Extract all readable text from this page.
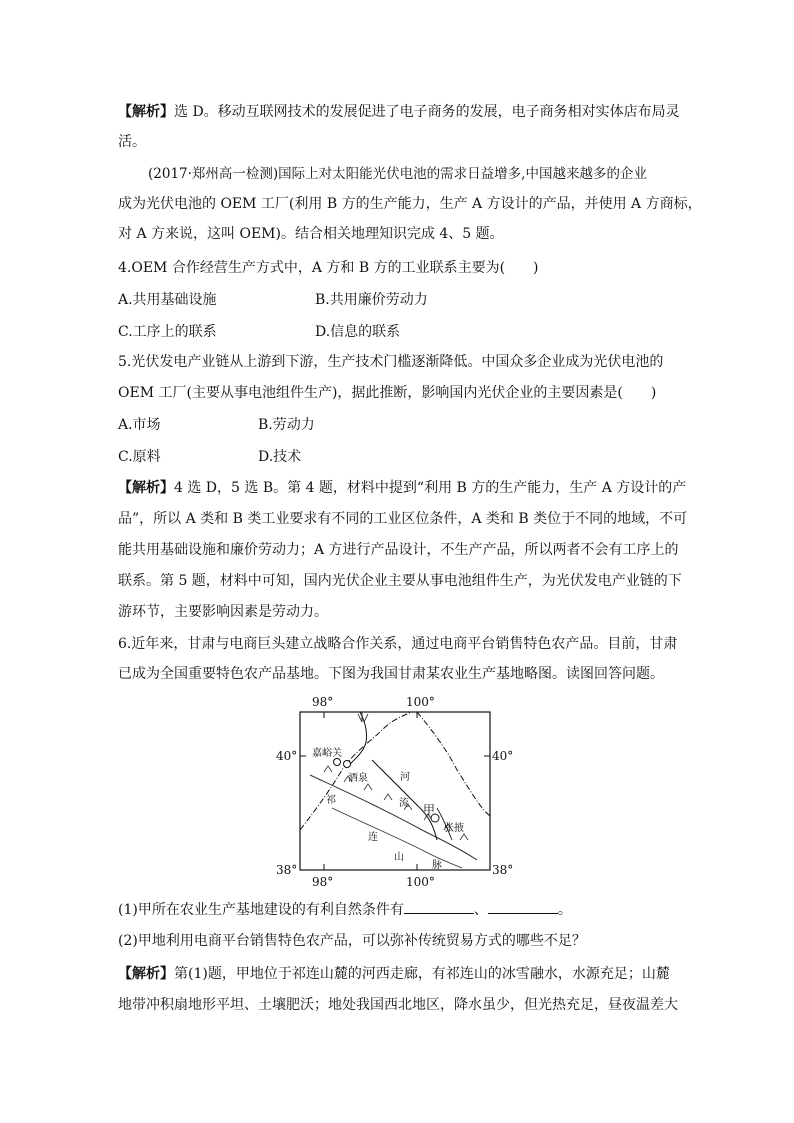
【解析】选 D。移动互联网技术的发展促进了电子商务的发展，电子商务相对实体店布局灵
活。
(2017·郑州高一检测)国际上对太阳能光伏电池的需求日益增多,中国越来越多的企业
成为光伏电池的 OEM 工厂(利用 B 方的生产能力，生产 A 方设计的产品，并使用 A 方商标，
对 A 方来说，这叫 OEM)。结合相关地理知识完成 4、5 题。
4.OEM 合作经营生产方式中，A 方和 B 方的工业联系主要为(　　)
A.共用基础设施	B.共用廉价劳动力
C.工序上的联系	D.信息的联系
5.光伏发电产业链从上游到下游，生产技术门槛逐渐降低。中国众多企业成为光伏电池的
OEM 工厂(主要从事电池组件生产)，据此推断，影响国内光伏企业的主要因素是(　　)
A.市场	B.劳动力
C.原料	D.技术
【解析】4 选 D，5 选 B。第 4 题，材料中提到“利用 B 方的生产能力，生产 A 方设计的产
品”，所以 A 类和 B 类工业要求有不同的工业区位条件，A 类和 B 类位于不同的地域，不可
能共用基础设施和廉价劳动力；A 方进行产品设计，不生产产品，所以两者不会有工序上的
联系。第 5 题，材料中可知，国内光伏企业主要从事电池组件生产，为光伏发电产业链的下
游环节，主要影响因素是劳动力。
6.近年来，甘肃与电商巨头建立战略合作关系，通过电商平台销售特色农产品。目前，甘肃
已成为全国重要特色农产品基地。下图为我国甘肃某农业生产基地略图。读图回答问题。
98°	100°
98°	100°
40°	40°
38°	38°
嘉峪关
酒泉	河
流 甲
张掖
祁
连
山
脉
(1)甲所在农业生产基地建设的有利自然条件有	、	。
(2)甲地利用电商平台销售特色农产品，可以弥补传统贸易方式的哪些不足？
【解析】第(1)题，甲地位于祁连山麓的河西走廊，有祁连山的冰雪融水，水源充足；山麓
地带冲积扇地形平坦、土壤肥沃；地处我国西北地区，降水虽少，但光热充足，昼夜温差大
